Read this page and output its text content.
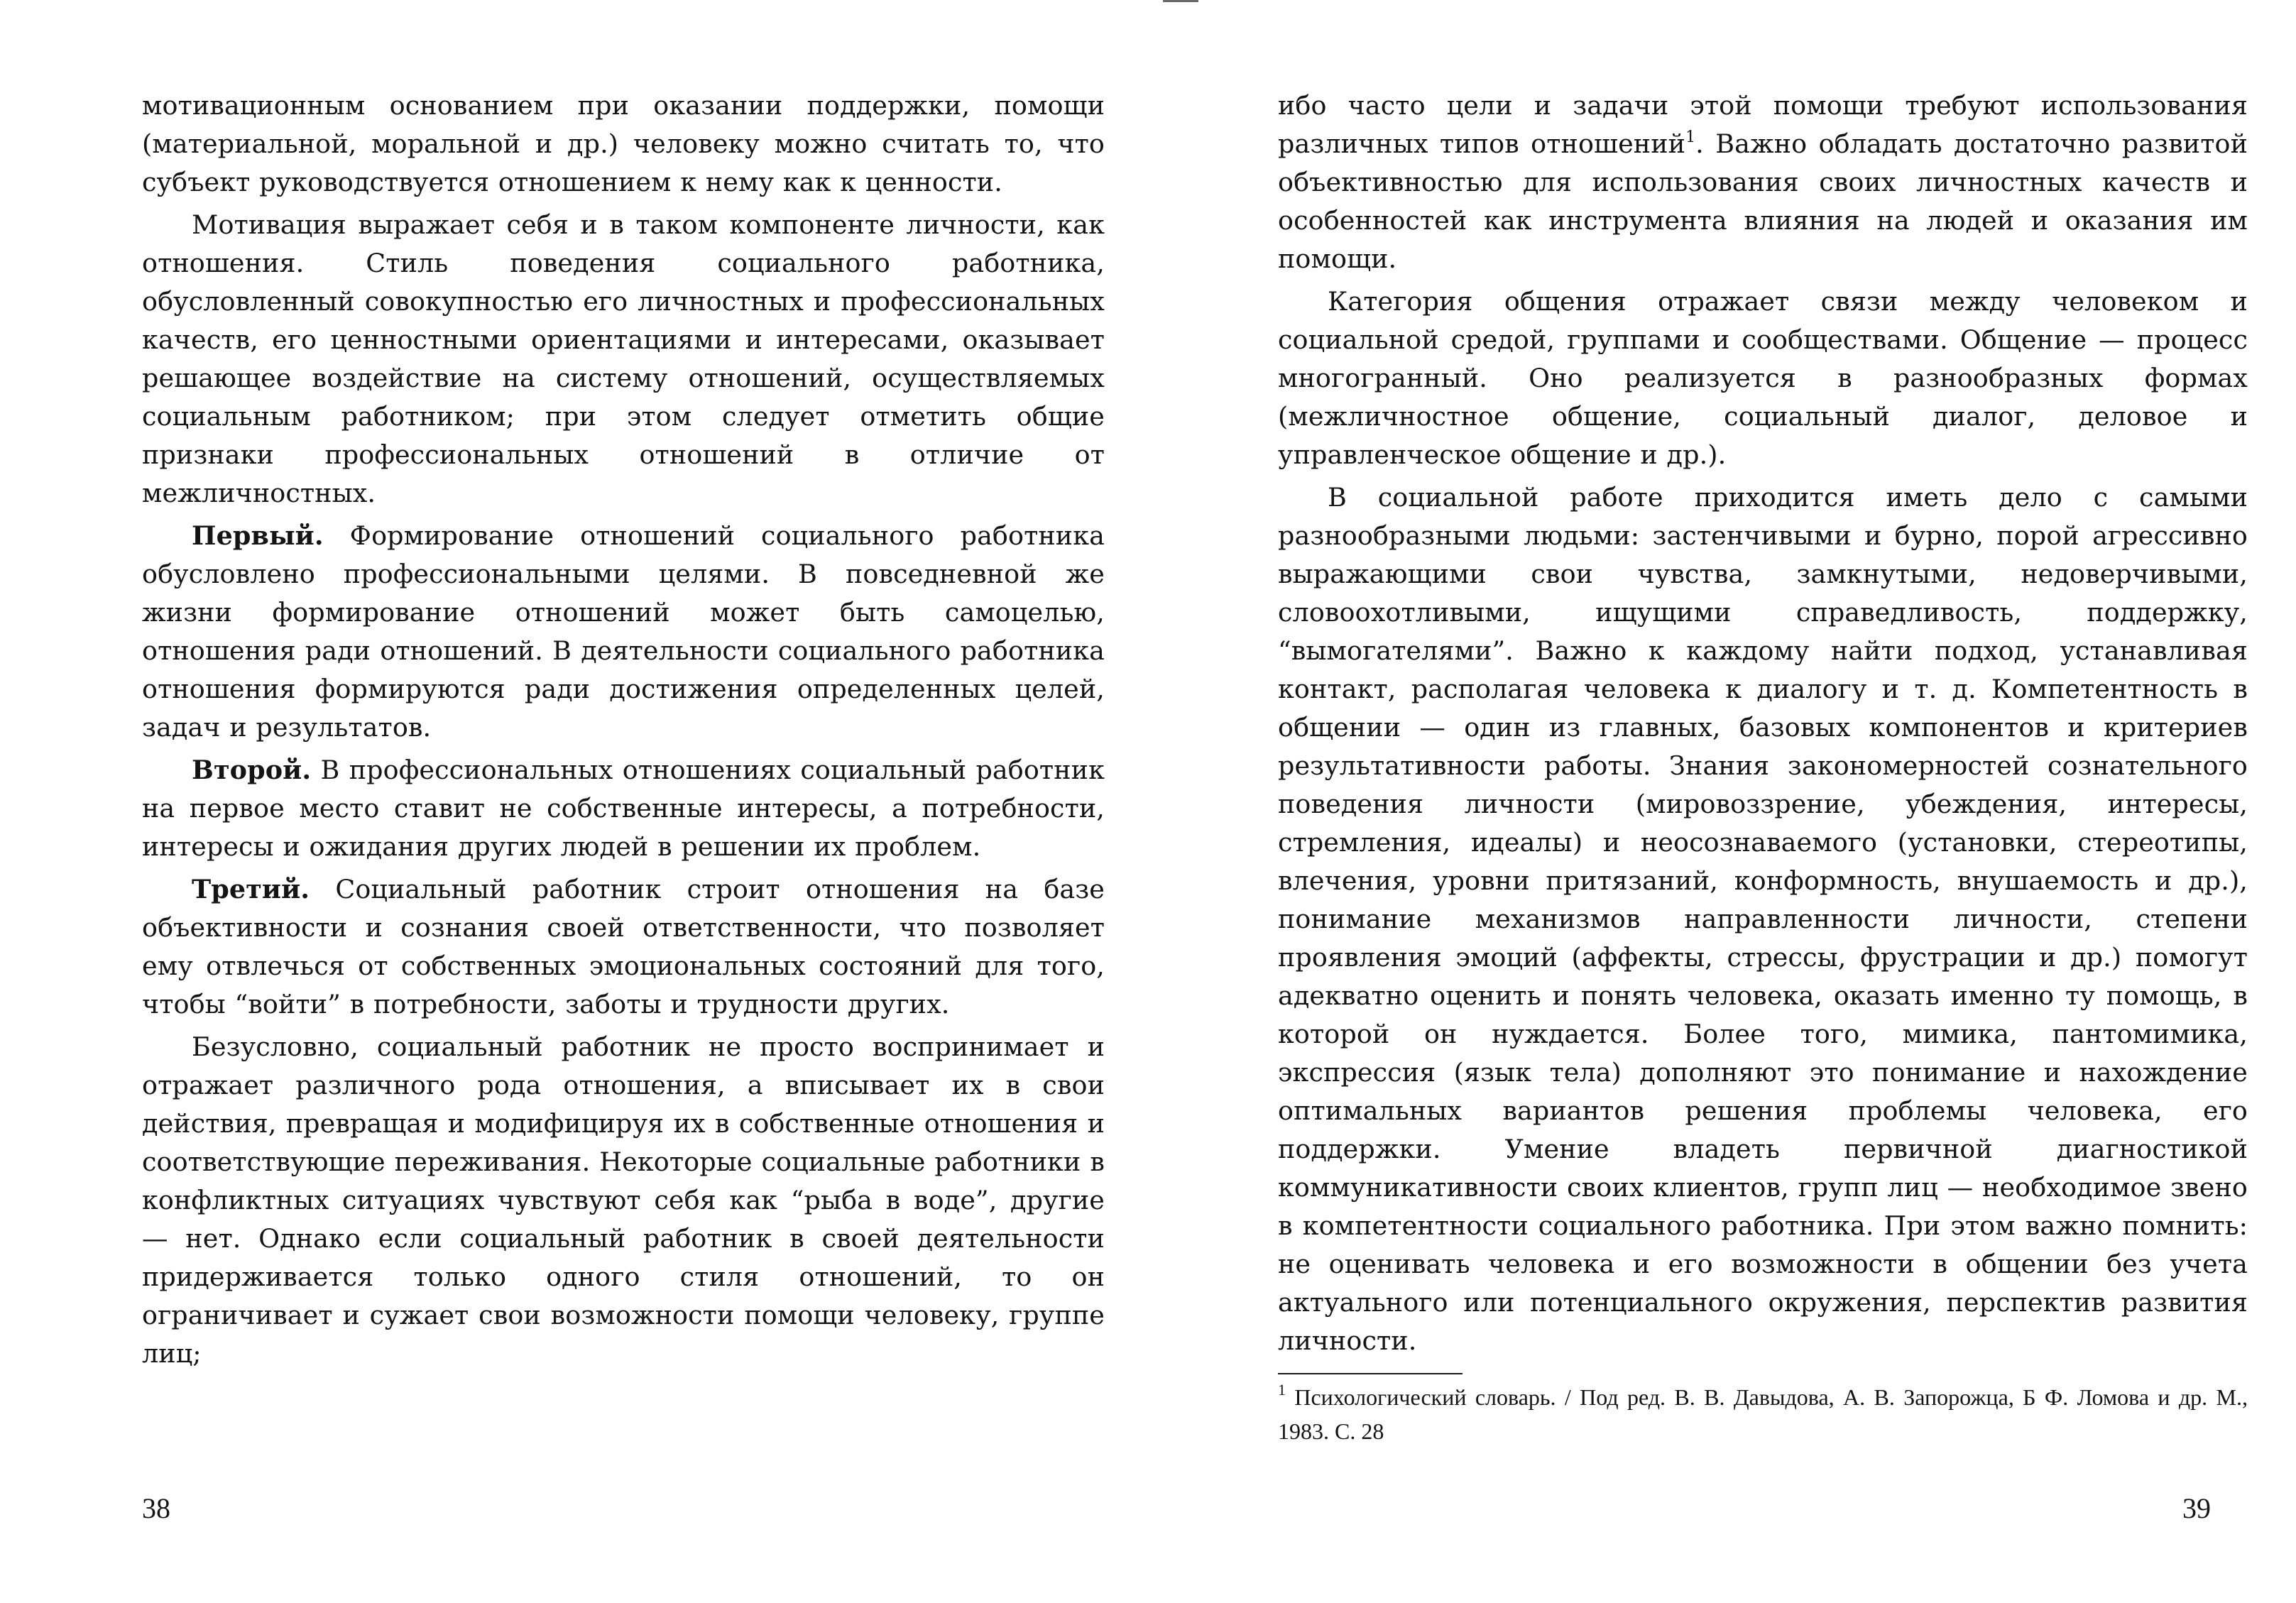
мотивационным основанием при оказании поддержки, помощи (материальной, моральной и др.) человеку можно считать то, что субъект руководствуется отношением к нему как к ценности.

Мотивация выражает себя и в таком компоненте личности, как отношения. Стиль поведения социального работника, обусловленный совокупностью его личностных и профессиональных качеств, его ценностными ориентациями и интересами, оказывает решающее воздействие на систему отношений, осуществляемых социальным работником; при этом следует отметить общие признаки профессиональных отношений в отличие от межличностных.

Первый. Формирование отношений социального работника обусловлено профессиональными целями. В повседневной же жизни формирование отношений может быть самоцелью, отношения ради отношений. В деятельности социального работника отношения формируются ради достижения определенных целей, задач и результатов.

Второй. В профессиональных отношениях социальный работник на первое место ставит не собственные интересы, а потребности, интересы и ожидания других людей в решении их проблем.

Третий. Социальный работник строит отношения на базе объективности и сознания своей ответственности, что позволяет ему отвлечься от собственных эмоциональных состояний для того, чтобы “войти” в потребности, заботы и трудности других.

Безусловно, социальный работник не просто воспринимает и отражает различного рода отношения, а вписывает их в свои действия, превращая и модифицируя их в собственные отношения и соответствующие переживания. Некоторые социальные работники в конфликтных ситуациях чувствуют себя как “рыба в воде”, другие — нет. Однако если социальный работник в своей деятельности придерживается только одного стиля отношений, то он ограничивает и сужает свои возможности помощи человеку, группе лиц;

38

ибо часто цели и задачи этой помощи требуют использования различных типов отношений$^1$. Важно обладать достаточно развитой объективностью для использования своих личностных качеств и особенностей как инструмента влияния на людей и оказания им помощи.

Категория общения отражает связи между человеком и социальной средой, группами и сообществами. Общение — процесс многогранный. Оно реализуется в разнообразных формах (межличностное общение, социальный диалог, деловое и управленческое общение и др.).

В социальной работе приходится иметь дело с самыми разнообразными людьми: застенчивыми и бурно, порой агрессивно выражающими свои чувства, замкнутыми, недоверчивыми, словоохотливыми, ищущими справедливость, поддержку, “вымогателями”. Важно к каждому найти подход, устанавливая контакт, располагая человека к диалогу и т. д. Компетентность в общении — один из главных, базовых компонентов и критериев результативности работы. Знания закономерностей сознательного поведения личности (мировоззрение, убеждения, интересы, стремления, идеалы) и неосознаваемого (установки, стереотипы, влечения, уровни притязаний, конформность, внушаемость и др.), понимание механизмов направленности личности, степени проявления эмоций (аффекты, стрессы, фрустрации и др.) помогут адекватно оценить и понять человека, оказать именно ту помощь, в которой он нуждается. Более того, мимика, пантомимика, экспрессия (язык тела) дополняют это понимание и нахождение оптимальных вариантов решения проблемы человека, его поддержки. Умение владеть первичной диагностикой коммуникативности своих клиентов, групп лиц — необходимое звено в компетентности социального работника. При этом важно помнить: не оценивать человека и его возможности в общении без учета актуального или потенциального окружения, перспектив развития личности.

$^1$ Психологический словарь. / Под ред. В. В. Давыдова, А. В. Запорожца, Б Ф. Ломова и др. М., 1983. С. 28

39
